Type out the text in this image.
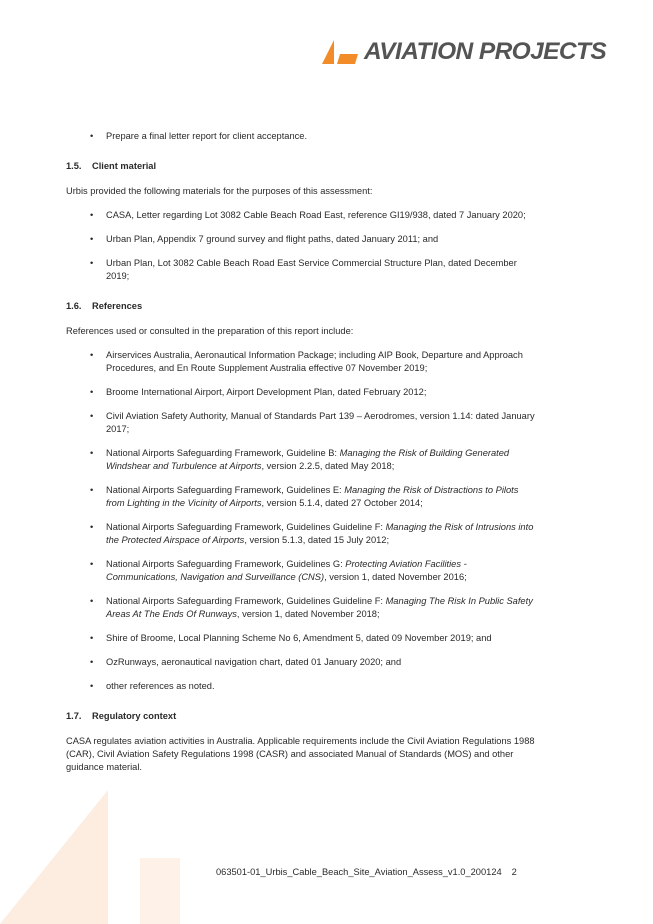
AVIATION PROJECTS
• Prepare a final letter report for client acceptance.
1.5. Client material

Urbis provided the following materials for the purposes of this assessment:

• CASA, Letter regarding Lot 3082 Cable Beach Road East, reference GI19/938, dated 7 January 2020;
• Urban Plan, Appendix 7 ground survey and flight paths, dated January 2011; and
• Urban Plan, Lot 3082 Cable Beach Road East Service Commercial Structure Plan, dated December 2019;
1.6. References

References used or consulted in the preparation of this report include:

• Airservices Australia, Aeronautical Information Package; including AIP Book, Departure and Approach Procedures, and En Route Supplement Australia effective 07 November 2019;
• Broome International Airport, Airport Development Plan, dated February 2012;
• Civil Aviation Safety Authority, Manual of Standards Part 139 – Aerodromes, version 1.14: dated January 2017;
• National Airports Safeguarding Framework, Guideline B: Managing the Risk of Building Generated Windshear and Turbulence at Airports, version 2.2.5, dated May 2018;
• National Airports Safeguarding Framework, Guidelines E: Managing the Risk of Distractions to Pilots from Lighting in the Vicinity of Airports, version 5.1.4, dated 27 October 2014;
• National Airports Safeguarding Framework, Guidelines Guideline F: Managing the Risk of Intrusions into the Protected Airspace of Airports, version 5.1.3, dated 15 July 2012;
• National Airports Safeguarding Framework, Guidelines G: Protecting Aviation Facilities - Communications, Navigation and Surveillance (CNS), version 1, dated November 2016;
• National Airports Safeguarding Framework, Guidelines Guideline F: Managing The Risk In Public Safety Areas At The Ends Of Runways, version 1, dated November 2018;
• Shire of Broome, Local Planning Scheme No 6, Amendment 5, dated 09 November 2019; and
• OzRunways, aeronautical navigation chart, dated 01 January 2020; and
• other references as noted.
1.7. Regulatory context

CASA regulates aviation activities in Australia. Applicable requirements include the Civil Aviation Regulations 1988 (CAR), Civil Aviation Safety Regulations 1998 (CASR) and associated Manual of Standards (MOS) and other guidance material.

063501-01_Urbis_Cable_Beach_Site_Aviation_Assess_v1.0_200124 2
